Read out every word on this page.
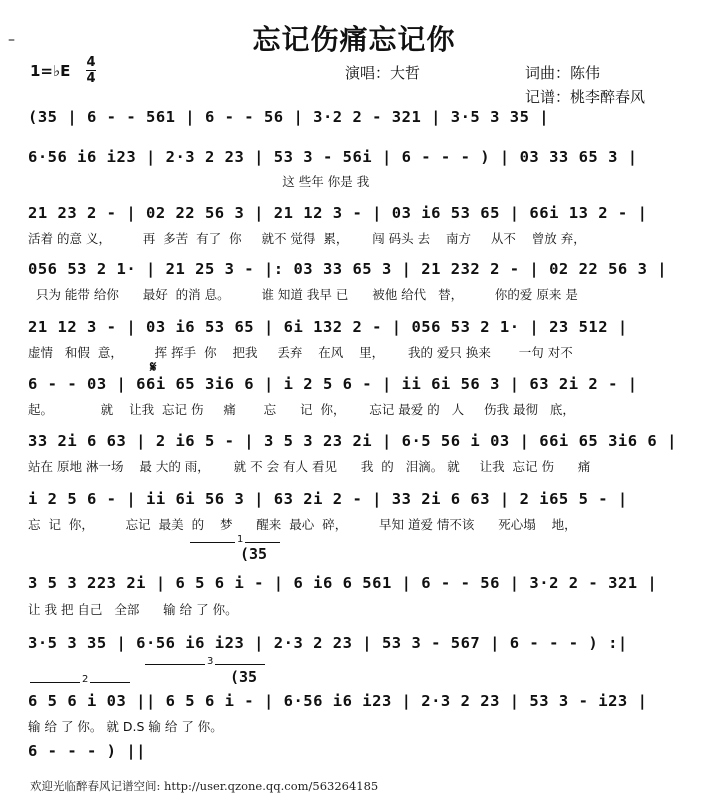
–	忘记伤痛忘记你
1=♭E 4
4	演唱：大哲	词曲：陈伟
记谱：桃李醉春风
(35 | 6 - - 561 | 6 - - 56 | 3·2 2 - 321 | 3·5 3 35 |
6·56 i6 i23 | 2·3 2 23 | 53 3 - 56i | 6 - - - ) | 03 33 65 3 |
这 些年 你是 我
21 23 2 - | 02 22 56 3 | 21 12 3 - | 03 i6 53 65 | 66i 13 2 - |
活着 的意 义，        再  多苦  有了  你     就不 觉得  累，      闯 码头 去    南方     从不    曾放 弃，
056 53 2 1· | 21 25 3 - |: 03 33 65 3 | 21 232 2 - | 02 22 56 3 |
只为 能带 给你      最好  的消 息。        谁 知道 我早 已      被他 给代   替，        你的爱 原来 是
21 12 3 - | 03 i6 53 65 | 6i 132 2 - | 056 53 2 1· | 23 512 |
虚情   和假  意，        挥 挥手  你    把我     丢弃    在风    里，      我的 爱只 换来       一句 对不
𝄋
6 - - 03 | 66i 65 3i6 6 | i 2 5 6 - | ii 6i 56 3 | 63 2i 2 - |
起。            就    让我  忘记 伤     痛       忘      记  你，      忘记 最爱 的   人     伤我 最彻   底，
33 2i 6 63 | 2 i6 5 - | 3 5 3 23 2i | 6·5 56 i 03 | 66i 65 3i6 6 |
站在 原地 淋一场    最 大的 雨，      就 不 会 有人 看见      我  的   泪滴。 就     让我  忘记 伤      痛
i 2 5 6 - | ii 6i 56 3 | 63 2i 2 - | 33 2i 6 63 | 2 i65 5 - |
忘  记  你，        忘记  最美  的    梦      醒来  最心  碎，        早知 道爱 情不该      死心塌    地，
1
(35
3 5 3 223 2i | 6 5 6 i - | 6 i6 6 561 | 6 - - 56 | 3·2 2 - 321 |
让 我 把 自己   全部      输 给 了 你。
3·5 3 35 | 6·56 i6 i23 | 2·3 2 23 | 53 3 - 567 | 6 - - - ) :|
2
3
(35
6 5 6 i 03 || 6 5 6 i - | 6·56 i6 i23 | 2·3 2 23 | 53 3 - i23 |
输 给 了 你。 就 D.S 输 给 了 你。
6 - - - ) ||
欢迎光临醉春风记谱空间: http://user.qzone.qq.com/563264185
